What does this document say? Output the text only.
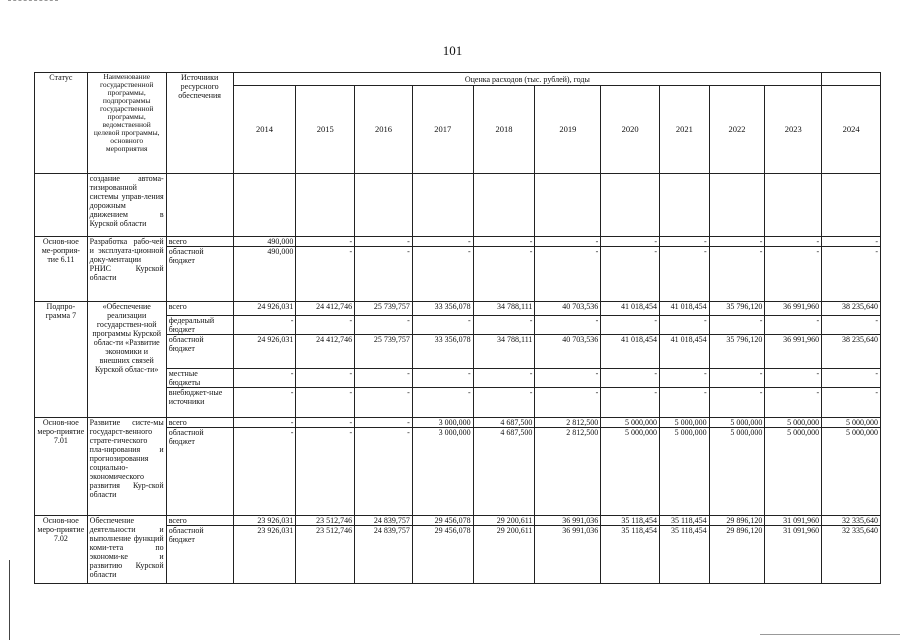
101
Статус	Наименование государственной программы, подпрограммы государственной программы, ведомственной целевой программы, основного мероприятия	Источники ресурсного обеспечения	Оценка расходов (тыс. рублей), годы										
			2014	2015	2016	2017	2018	2019	2020	2021	2022	2023	2024
	создание автома-тизированной системы управ-ления дорожным движением в Курской области												
Основ-ное ме-роприя-тие 6.11	Разработка рабо-чей и эксплуата-ционной доку-ментации РНИС Курской области	всего	490,000	-	-	-	-	-	-	-	-	-	-
		областной бюджет	490,000	-	-	-	-	-	-	-	-	-	-
Подпро-грамма 7	«Обеспечение реализации государствен-ной программы Курской облас-ти «Развитие экономики и внешних связей Курской облас-ти»	всего	24 926,031	24 412,746	25 739,757	33 356,078	34 788,111	40 703,536	41 018,454	41 018,454	35 796,120	36 991,960	38 235,640
		федеральный бюджет	-	-	-	-	-	-	-	-	-	-	-
		областной бюджет	24 926,031	24 412,746	25 739,757	33 356,078	34 788,111	40 703,536	41 018,454	41 018,454	35 796,120	36 991,960	38 235,640
		местные бюджеты	-	-	-	-	-	-	-	-	-	-	-
		внебюджет-ные источники	-	-	-	-	-	-	-	-	-	-	-
Основ-ное меро-приятие 7.01	Развитие систе-мы государст-венного страте-гического пла-нирования и прогнозирования социально-экономического развития Кур-ской области	всего	-	-	-	3 000,000	4 687,500	2 812,500	5 000,000	5 000,000	5 000,000	5 000,000	5 000,000
		областной бюджет	-	-	-	3 000,000	4 687,500	2 812,500	5 000,000	5 000,000	5 000,000	5 000,000	5 000,000
Основ-ное меро-приятие 7.02	Обеспечение деятельности и выполнение функций коми-тета по экономи-ке и развитию Курской области	всего	23 926,031	23 512,746	24 839,757	29 456,078	29 200,611	36 991,036	35 118,454	35 118,454	29 896,120	31 091,960	32 335,640
		областной бюджет	23 926,031	23 512,746	24 839,757	29 456,078	29 200,611	36 991,036	35 118,454	35 118,454	29 896,120	31 091,960	32 335,640
